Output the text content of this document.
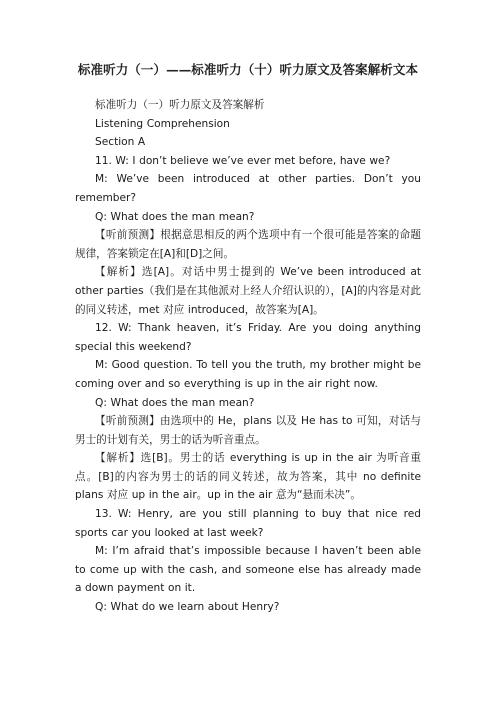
标准听力（一）——标准听力（十）听力原文及答案解析文本

标准听力（一）听力原文及答案解析

Listening Comprehension

Section A

11. W: I don’t believe we’ve ever met before, have we?

M: We’ve been introduced at other parties. Don’t you remember?

Q: What does the man mean?

【听前预测】根据意思相反的两个选项中有一个很可能是答案的命题规律，答案锁定在[A]和[D]之间。

【解析】选[A]。对话中男士提到的 We’ve been introduced at other parties（我们是在其他派对上经人介绍认识的），[A]的内容是对此的同义转述，met 对应 introduced，故答案为[A]。

12. W: Thank heaven, it’s Friday. Are you doing anything special this weekend?

M: Good question. To tell you the truth, my brother might be coming over and so everything is up in the air right now.

Q: What does the man mean?

【听前预测】由选项中的 He，plans 以及 He has to 可知，对话与男士的计划有关，男士的话为听音重点。

【解析】选[B]。男士的话 everything is up in the air 为听音重点。[B]的内容为男士的话的同义转述，故为答案，其中 no definite plans 对应 up in the air。up in the air 意为“悬而未决”。

13. W: Henry, are you still planning to buy that nice red sports car you looked at last week?

M: I’m afraid that’s impossible because I haven’t been able to come up with the cash, and someone else has already made a down payment on it.

Q: What do we learn about Henry?
